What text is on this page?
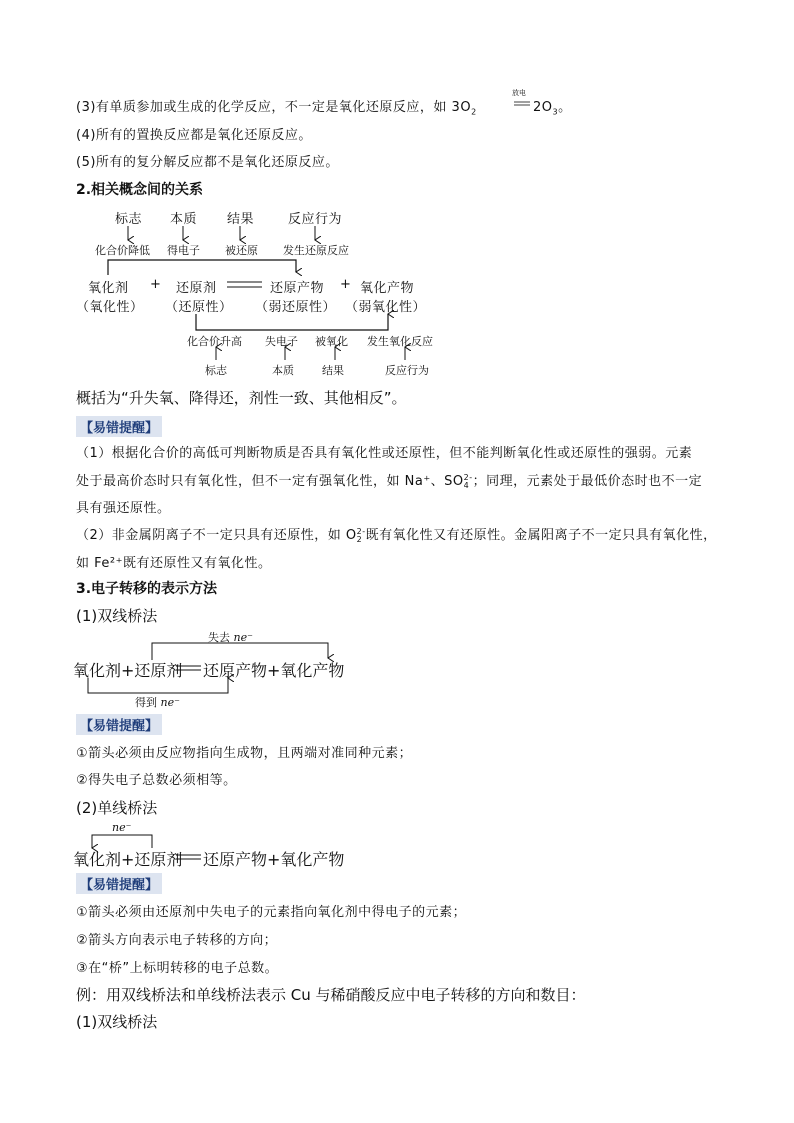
(3)有单质参加或生成的化学反应，不一定是氧化还原反应，如 $3O_2$
放电
$2O_3$。
(4)所有的置换反应都是氧化还原反应。
(5)所有的复分解反应都不是氧化还原反应。
2.相关概念间的关系
标志 本质 结果	反应行为
化合价降低 得电子 被还原 发生还原反应
氧化剂 + 还原剂	还原产物 + 氧化产物
（氧化性） （还原性） （弱还原性） （弱氧化性）
化合价升高 失电子 被氧化 发生氧化反应
标志	本质	结果	反应行为
概括为“升失氧、降得还，剂性一致、其他相反”。
【易错提醒】
（1）根据化合价的高低可判断物质是否具有氧化性或还原性，但不能判断氧化性或还原性的强弱。元素
处于最高价态时只有氧化性，但不一定有强氧化性，如 Na⁺、SO2-
4 ；同理，元素处于最低价态时也不一定
具有强还原性。
（2）非金属阴离子不一定只具有还原性，如 O2-
2 既有氧化性又有还原性。金属阳离子不一定只具有氧化性，
如 Fe²⁺既有还原性又有氧化性。
3.电子转移的表示方法
(1)双线桥法
失去 ne⁻
氧化剂+还原剂 还原产物+氧化产物
得到 ne⁻
【易错提醒】
①箭头必须由反应物指向生成物，且两端对准同种元素；
②得失电子总数必须相等。
(2)单线桥法
ne⁻
氧化剂+还原剂 还原产物+氧化产物
【易错提醒】
①箭头必须由还原剂中失电子的元素指向氧化剂中得电子的元素；
②箭头方向表示电子转移的方向；
③在“桥”上标明转移的电子总数。
例：用双线桥法和单线桥法表示 Cu 与稀硝酸反应中电子转移的方向和数目：
(1)双线桥法
